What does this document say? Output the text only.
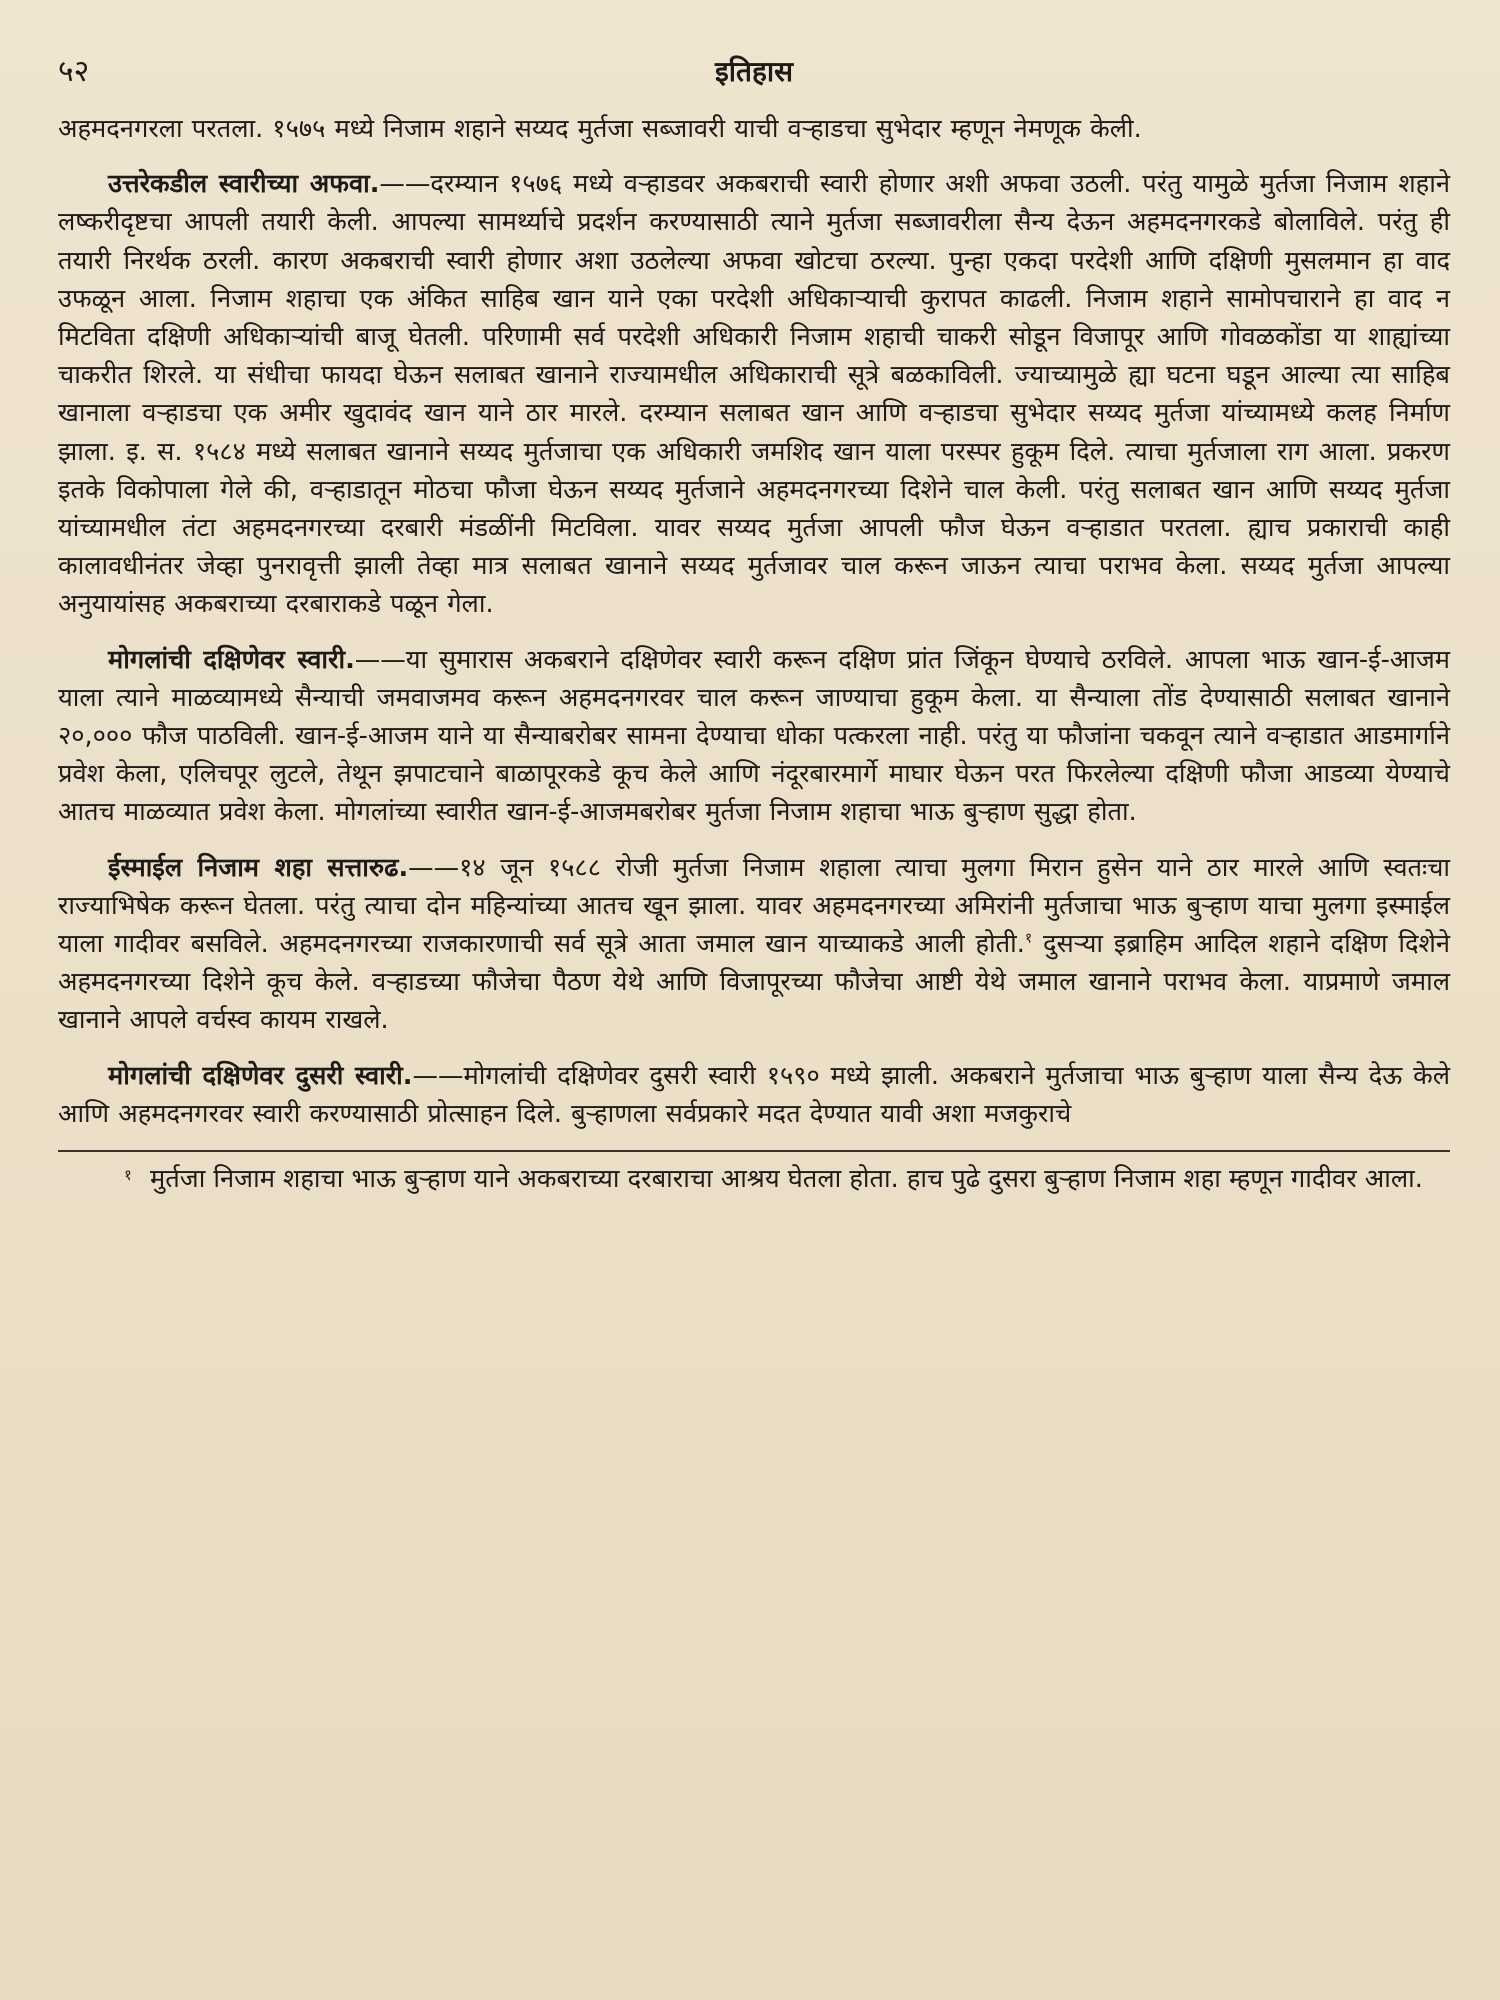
५२	इतिहास

अहमदनगरला परतला. १५७५ मध्ये निजाम शहाने सय्यद मुर्तजा सब्जावरी याची वऱ्हाडचा सुभेदार म्हणून नेमणूक केली.

उत्तरेकडील स्वारीच्या अफवा.——दरम्यान १५७६ मध्ये वऱ्हाडवर अकबराची स्वारी होणार अशी अफवा उठली. परंतु यामुळे मुर्तजा निजाम शहाने लष्करीदृष्टचा आपली तयारी केली. आपल्या सामर्थ्याचे प्रदर्शन करण्यासाठी त्याने मुर्तजा सब्जावरीला सैन्य देऊन अहमदनगरकडे बोलाविले. परंतु ही तयारी निरर्थक ठरली. कारण अकबराची स्वारी होणार अशा उठलेल्या अफवा खोटचा ठरल्या. पुन्हा एकदा परदेशी आणि दक्षिणी मुसलमान हा वाद उफळून आला. निजाम शहाचा एक अंकित साहिब खान याने एका परदेशी अधिकाऱ्याची कुरापत काढली. निजाम शहाने सामोपचाराने हा वाद न मिटविता दक्षिणी अधिकाऱ्यांची बाजू घेतली. परिणामी सर्व परदेशी अधिकारी निजाम शहाची चाकरी सोडून विजापूर आणि गोवळकोंडा या शाह्यांच्या चाकरीत शिरले. या संधीचा फायदा घेऊन सलाबत खानाने राज्यामधील अधिकाराची सूत्रे बळकाविली. ज्याच्यामुळे ह्या घटना घडून आल्या त्या साहिब खानाला वऱ्हाडचा एक अमीर खुदावंद खान याने ठार मारले. दरम्यान सलाबत खान आणि वऱ्हाडचा सुभेदार सय्यद मुर्तजा यांच्यामध्ये कलह निर्माण झाला. इ. स. १५८४ मध्ये सलाबत खानाने सय्यद मुर्तजाचा एक अधिकारी जमशिद खान याला परस्पर हुकूम दिले. त्याचा मुर्तजाला राग आला. प्रकरण इतके विकोपाला गेले की, वऱ्हाडातून मोठचा फौजा घेऊन सय्यद मुर्तजाने अहमदनगरच्या दिशेने चाल केली. परंतु सलाबत खान आणि सय्यद मुर्तजा यांच्यामधील तंटा अहमदनगरच्या दरबारी मंडळींनी मिटविला. यावर सय्यद मुर्तजा आपली फौज घेऊन वऱ्हाडात परतला. ह्याच प्रकाराची काही कालावधीनंतर जेव्हा पुनरावृत्ती झाली तेव्हा मात्र सलाबत खानाने सय्यद मुर्तजावर चाल करून जाऊन त्याचा पराभव केला. सय्यद मुर्तजा आपल्या अनुयायांसह अकबराच्या दरबाराकडे पळून गेला.

मोगलांची दक्षिणेवर स्वारी.——या सुमारास अकबराने दक्षिणेवर स्वारी करून दक्षिण प्रांत जिंकून घेण्याचे ठरविले. आपला भाऊ खान-ई-आजम याला त्याने माळव्यामध्ये सैन्याची जमवाजमव करून अहमदनगरवर चाल करून जाण्याचा हुकूम केला. या सैन्याला तोंड देण्यासाठी सलाबत खानाने २०,००० फौज पाठविली. खान-ई-आजम याने या सैन्याबरोबर सामना देण्याचा धोका पत्करला नाही. परंतु या फौजांना चकवून त्याने वऱ्हाडात आडमार्गाने प्रवेश केला, एलिचपूर लुटले, तेथून झपाटचाने बाळापूरकडे कूच केले आणि नंदूरबारमार्गे माघार घेऊन परत फिरलेल्या दक्षिणी फौजा आडव्या येण्याचे आतच माळव्यात प्रवेश केला. मोगलांच्या स्वारीत खान-ई-आजमबरोबर मुर्तजा निजाम शहाचा भाऊ बुऱ्हाण सुद्धा होता.

ईस्माईल निजाम शहा सत्तारुढ.——१४ जून १५८८ रोजी मुर्तजा निजाम शहाला त्याचा मुलगा मिरान हुसेन याने ठार मारले आणि स्वतःचा राज्याभिषेक करून घेतला. परंतु त्याचा दोन महिन्यांच्या आतच खून झाला. यावर अहमदनगरच्या अमिरांनी मुर्तजाचा भाऊ बुऱ्हाण याचा मुलगा इस्माईल याला गादीवर बसविले. अहमदनगरच्या राजकारणाची सर्व सूत्रे आता जमाल खान याच्याकडे आली होती.$^१$ दुसऱ्या इब्राहिम आदिल शहाने दक्षिण दिशेने अहमदनगरच्या दिशेने कूच केले. वऱ्हाडच्या फौजेचा पैठण येथे आणि विजापूरच्या फौजेचा आष्टी येथे जमाल खानाने पराभव केला. याप्रमाणे जमाल खानाने आपले वर्चस्व कायम राखले.

मोगलांची दक्षिणेवर दुसरी स्वारी.——मोगलांची दक्षिणेवर दुसरी स्वारी १५९० मध्ये झाली. अकबराने मुर्तजाचा भाऊ बुऱ्हाण याला सैन्य देऊ केले आणि अहमदनगरवर स्वारी करण्यासाठी प्रोत्साहन दिले. बुऱ्हाणला सर्वप्रकारे मदत देण्यात यावी अशा मजकुराचे

१ मुर्तजा निजाम शहाचा भाऊ बुऱ्हाण याने अकबराच्या दरबाराचा आश्रय घेतला होता. हाच पुढे दुसरा बुऱ्हाण निजाम शहा म्हणून गादीवर आला.
